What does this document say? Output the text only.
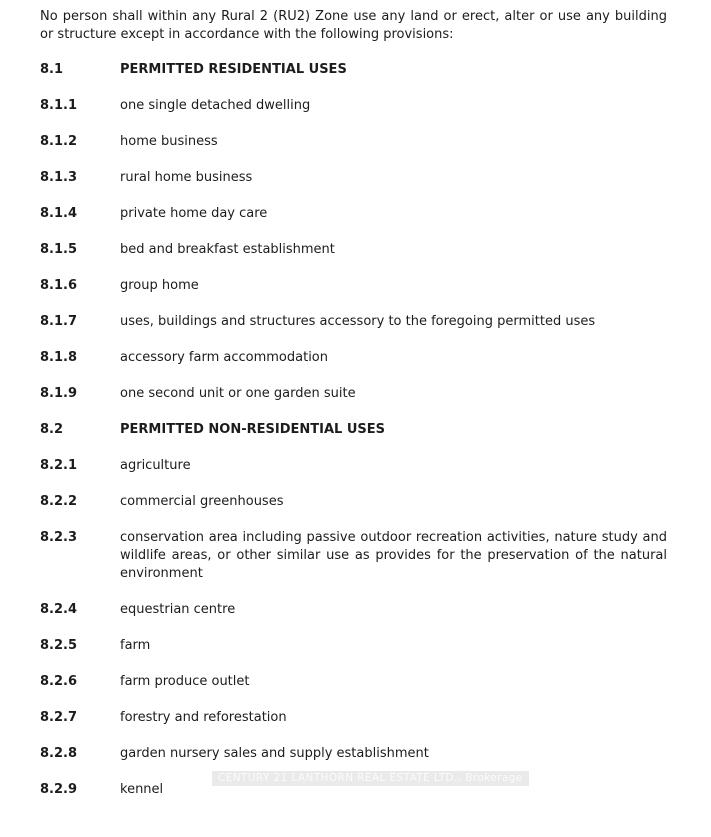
No person shall within any Rural 2 (RU2) Zone use any land or erect, alter or use any building or structure except in accordance with the following provisions:

8.1	PERMITTED RESIDENTIAL USES
8.1.1	one single detached dwelling
8.1.2	home business
8.1.3	rural home business
8.1.4	private home day care
8.1.5	bed and breakfast establishment
8.1.6	group home
8.1.7	uses, buildings and structures accessory to the foregoing permitted uses
8.1.8	accessory farm accommodation
8.1.9	one second unit or one garden suite
8.2	PERMITTED NON-RESIDENTIAL USES
8.2.1	agriculture
8.2.2	commercial greenhouses
8.2.3	conservation area including passive outdoor recreation activities, nature study and wildlife areas, or other similar use as provides for the preservation of the natural environment
8.2.4	equestrian centre
8.2.5	farm
8.2.6	farm produce outlet
8.2.7	forestry and reforestation
8.2.8	garden nursery sales and supply establishment
8.2.9	kennel
CENTURY 21 LANTHORN REAL ESTATE LTD., Brokerage
